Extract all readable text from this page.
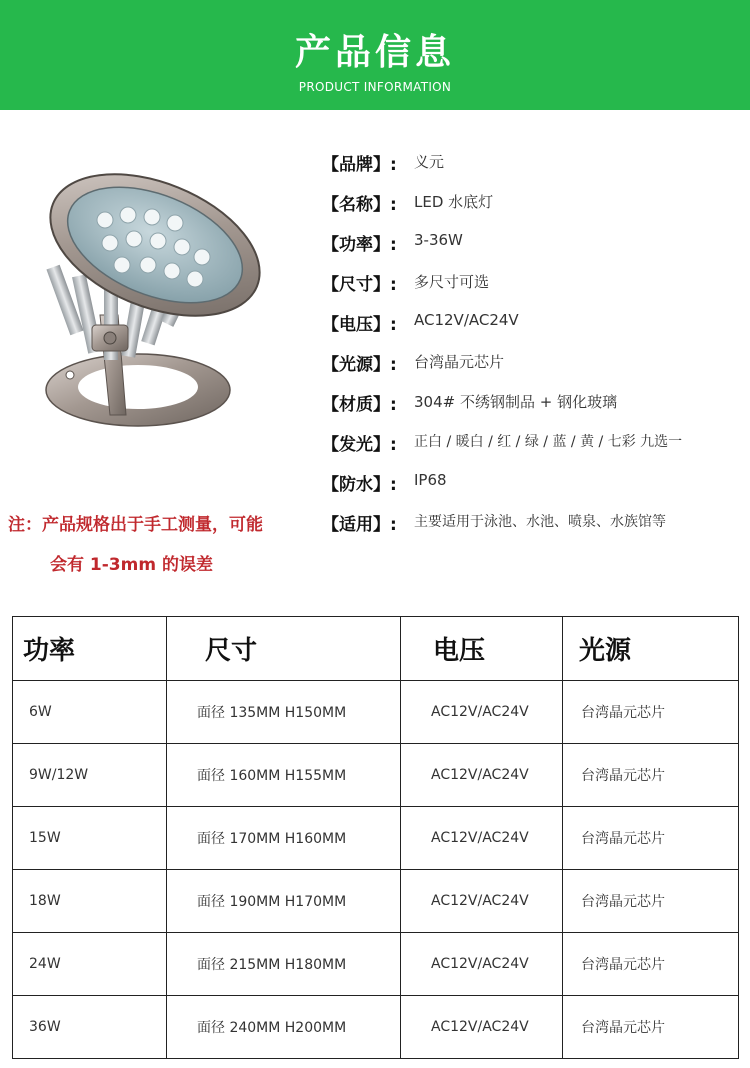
产品信息
PRODUCT INFORMATION
【品牌】: 义元
【名称】: LED 水底灯
【功率】: 3-36W
【尺寸】: 多尺寸可选
【电压】: AC12V/AC24V
【光源】: 台湾晶元芯片
【材质】: 304# 不绣钢制品 + 钢化玻璃
【发光】: 正白 / 暖白 / 红 / 绿 / 蓝 / 黄 / 七彩 九选一
【防水】: IP68
【适用】: 主要适用于泳池、水池、喷泉、水族馆等
注：产品规格出于手工测量，可能
会有 1-3mm 的误差
功率	尺寸	电压	光源
6W	面径 135MM H150MM	AC12V/AC24V	台湾晶元芯片
9W/12W	面径 160MM H155MM	AC12V/AC24V	台湾晶元芯片
15W	面径 170MM H160MM	AC12V/AC24V	台湾晶元芯片
18W	面径 190MM H170MM	AC12V/AC24V	台湾晶元芯片
24W	面径 215MM H180MM	AC12V/AC24V	台湾晶元芯片
36W	面径 240MM H200MM	AC12V/AC24V	台湾晶元芯片
